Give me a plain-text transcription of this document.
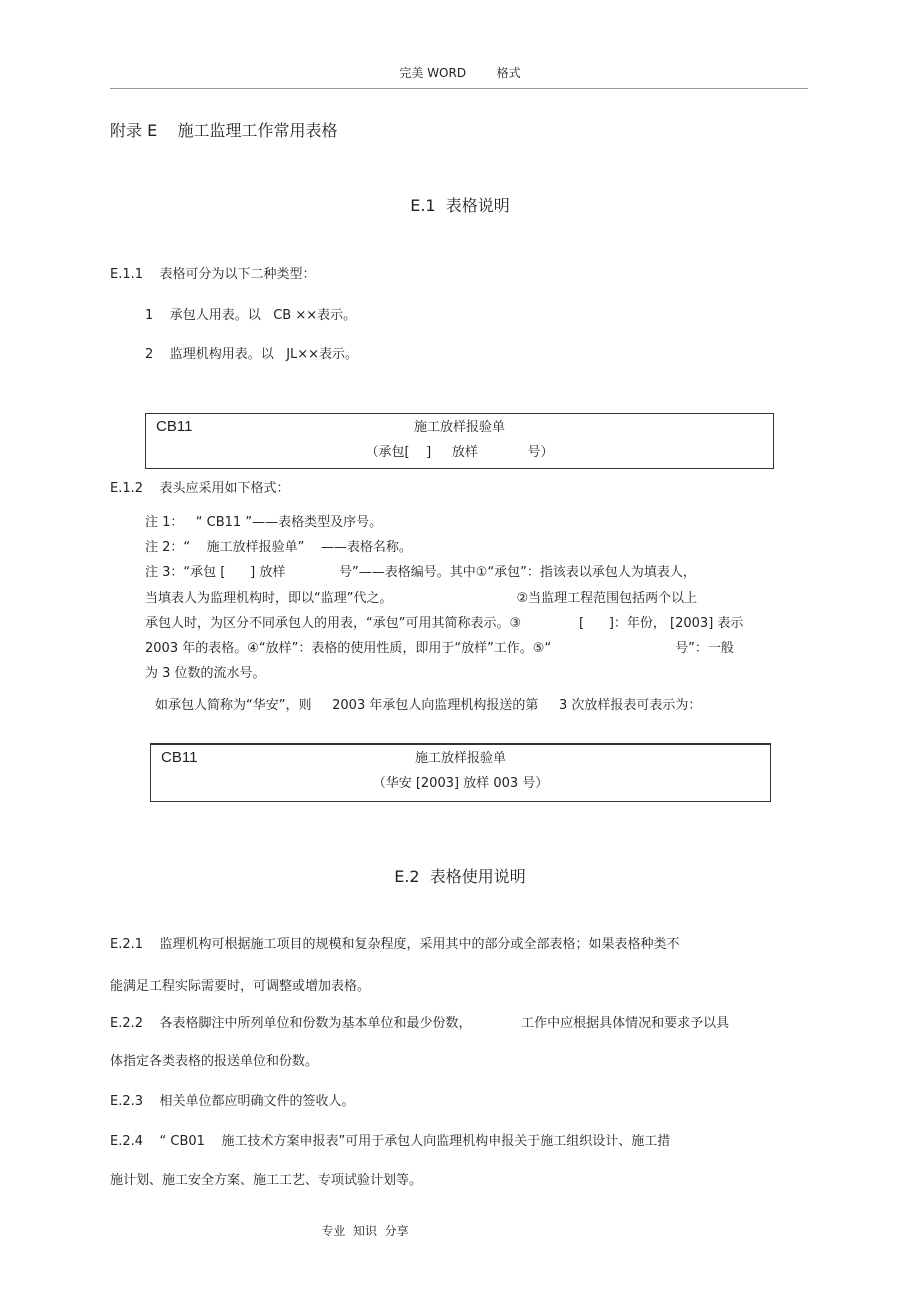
完美 WORD        格式
附录 E    施工监理工作常用表格
E.1  表格说明
E.1.1    表格可分为以下二种类型：
1    承包人用表。以   CB ××表示。
2    监理机构用表。以   JL××表示。
CB11	施工放样报验单
（承包[    ]     放样            号）
E.1.2    表头应采用如下格式：
注 1：   “ CB11 ”——表格类型及序号。
注 2：“    施工放样报验单”    ——表格名称。
注 3：“承包 [      ] 放样             号”——表格编号。其中①“承包”：指该表以承包人为填表人，
当填表人为监理机构时，即以“监理”代之。                              ②当监理工程范围包括两个以上
承包人时，为区分不同承包人的用表，“承包”可用其简称表示。③              [      ]：年份， [2003] 表示
2003 年的表格。④“放样”：表格的使用性质，即用于“放样”工作。⑤“                              号”：一般
为 3 位数的流水号。
如承包人简称为“华安”，则     2003 年承包人向监理机构报送的第     3 次放样报表可表示为：
CB11	施工放样报验单
（华安 [2003] 放样 003 号）
E.2  表格使用说明
E.2.1    监理机构可根据施工项目的规模和复杂程度，采用其中的部分或全部表格；如果表格种类不
能满足工程实际需要时，可调整或增加表格。
E.2.2    各表格脚注中所列单位和份数为基本单位和最少份数，            工作中应根据具体情况和要求予以具
体指定各类表格的报送单位和份数。
E.2.3    相关单位都应明确文件的签收人。
E.2.4    “ CB01    施工技术方案申报表”可用于承包人向监理机构申报关于施工组织设计、施工措
施计划、施工安全方案、施工工艺、专项试验计划等。
专业  知识  分享
